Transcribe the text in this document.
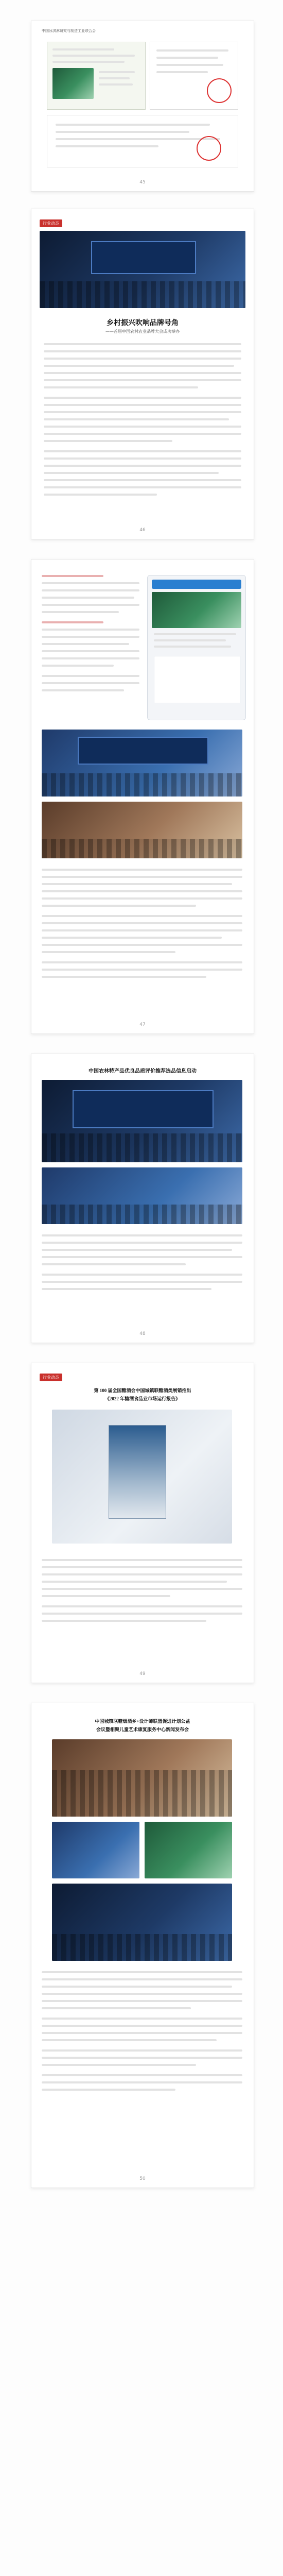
中国冰淇淋研究与制造工业联合会
45
行业动态
乡村振兴吹响品牌号角
——首届中国农村农业品牌大会成功举办
46
47
中国农林特产品优良品质评价推荐选品信息启动
48
行业动态
第 100 届全国糖酒会中国城镇联糖酒类展销推出
《2022 年糖酒食品业市场运行报告》
49
中国城镇联糖烟酒乡+设计师联盟促进计划公益
会议暨相聚儿童艺术康复服务中心新闻发布会
50
